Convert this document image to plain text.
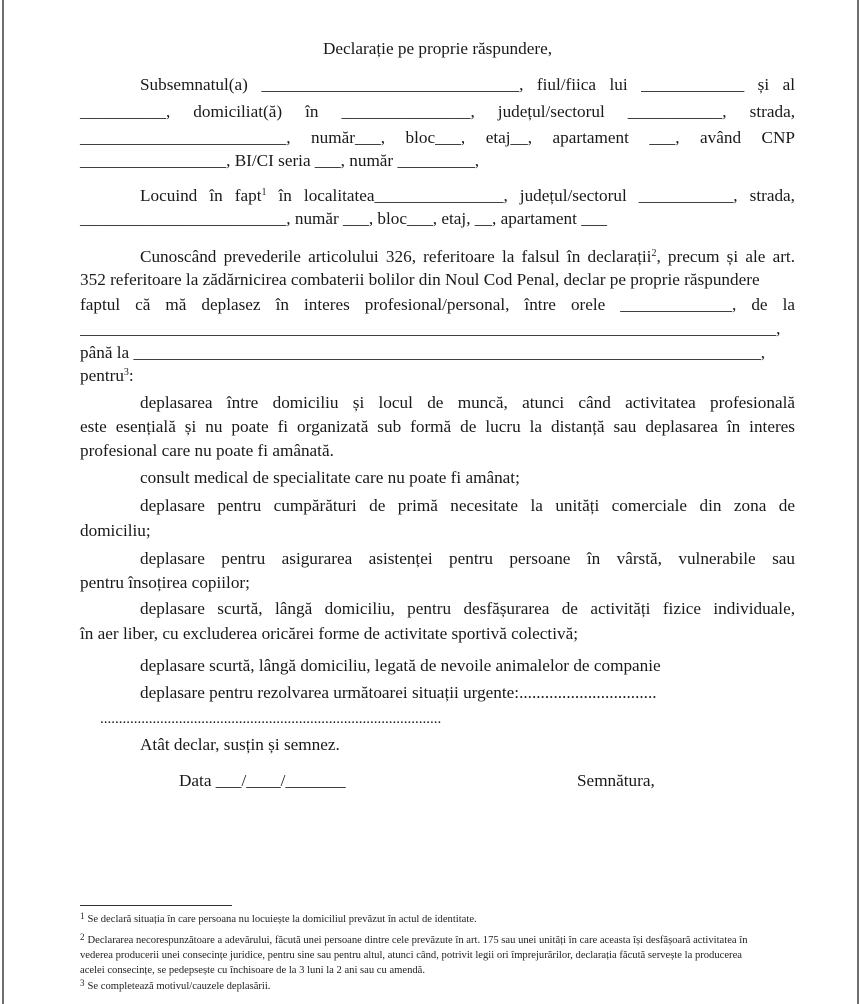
Declarație pe proprie răspundere,
Subsemnatul(a) ______________________________, fiul/fiica lui ____________ și al
__________, domiciliat(ă) în _______________, județul/sectorul ___________, strada,
________________________, număr___, bloc___, etaj__, apartament ___, având CNP
_________________, BI/CI seria ___, număr _________,
Locuind în fapt$^1$ în localitatea_______________, județul/sectorul ___________, strada,
________________________, număr ___, bloc___, etaj, __, apartament ___
Cunoscând prevederile articolului 326, referitoare la falsul în declarații$^2$, precum și ale art.
352 referitoare la zădărnicirea combaterii bolilor din Noul Cod Penal, declar pe proprie răspundere
faptul că mă deplasez în interes profesional/personal, între orele _____________, de la
_________________________________________________________________________________,
până la _________________________________________________________________________,
pentru$^3$:
deplasarea între domiciliu și locul de muncă, atunci când activitatea profesională
este esențială și nu poate fi organizată sub formă de lucru la distanță sau deplasarea în interes
profesional care nu poate fi amânată.
consult medical de specialitate care nu poate fi amânat;
deplasare pentru cumpărături de primă necesitate la unități comerciale din zona de
domiciliu;
deplasare pentru asigurarea asistenței pentru persoane în vârstă, vulnerabile sau
pentru însoțirea copiilor;
deplasare scurtă, lângă domiciliu, pentru desfășurarea de activități fizice individuale,
în aer liber, cu excluderea oricărei forme de activitate sportivă colectivă;
deplasare scurtă, lângă domiciliu, legată de nevoile animalelor de companie
deplasare pentru rezolvarea următoarei situații urgente:................................
...........................................................................................
Atât declar, susțin și semnez.
Data ___/____/_______	Semnătura,
$^1$ Se declară situația în care persoana nu locuiește la domiciliul prevăzut în actul de identitate.
$^2$ Declararea necorespunzătoare a adevărului, făcută unei persoane dintre cele prevăzute în art. 175 sau unei unități în care aceasta își desfășoară activitatea în
vederea producerii unei consecințe juridice, pentru sine sau pentru altul, atunci când, potrivit legii ori împrejurărilor, declarația făcută servește la producerea
acelei consecințe, se pedepsește cu închisoare de la 3 luni la 2 ani sau cu amendă.
$^3$ Se completează motivul/cauzele deplasării.
